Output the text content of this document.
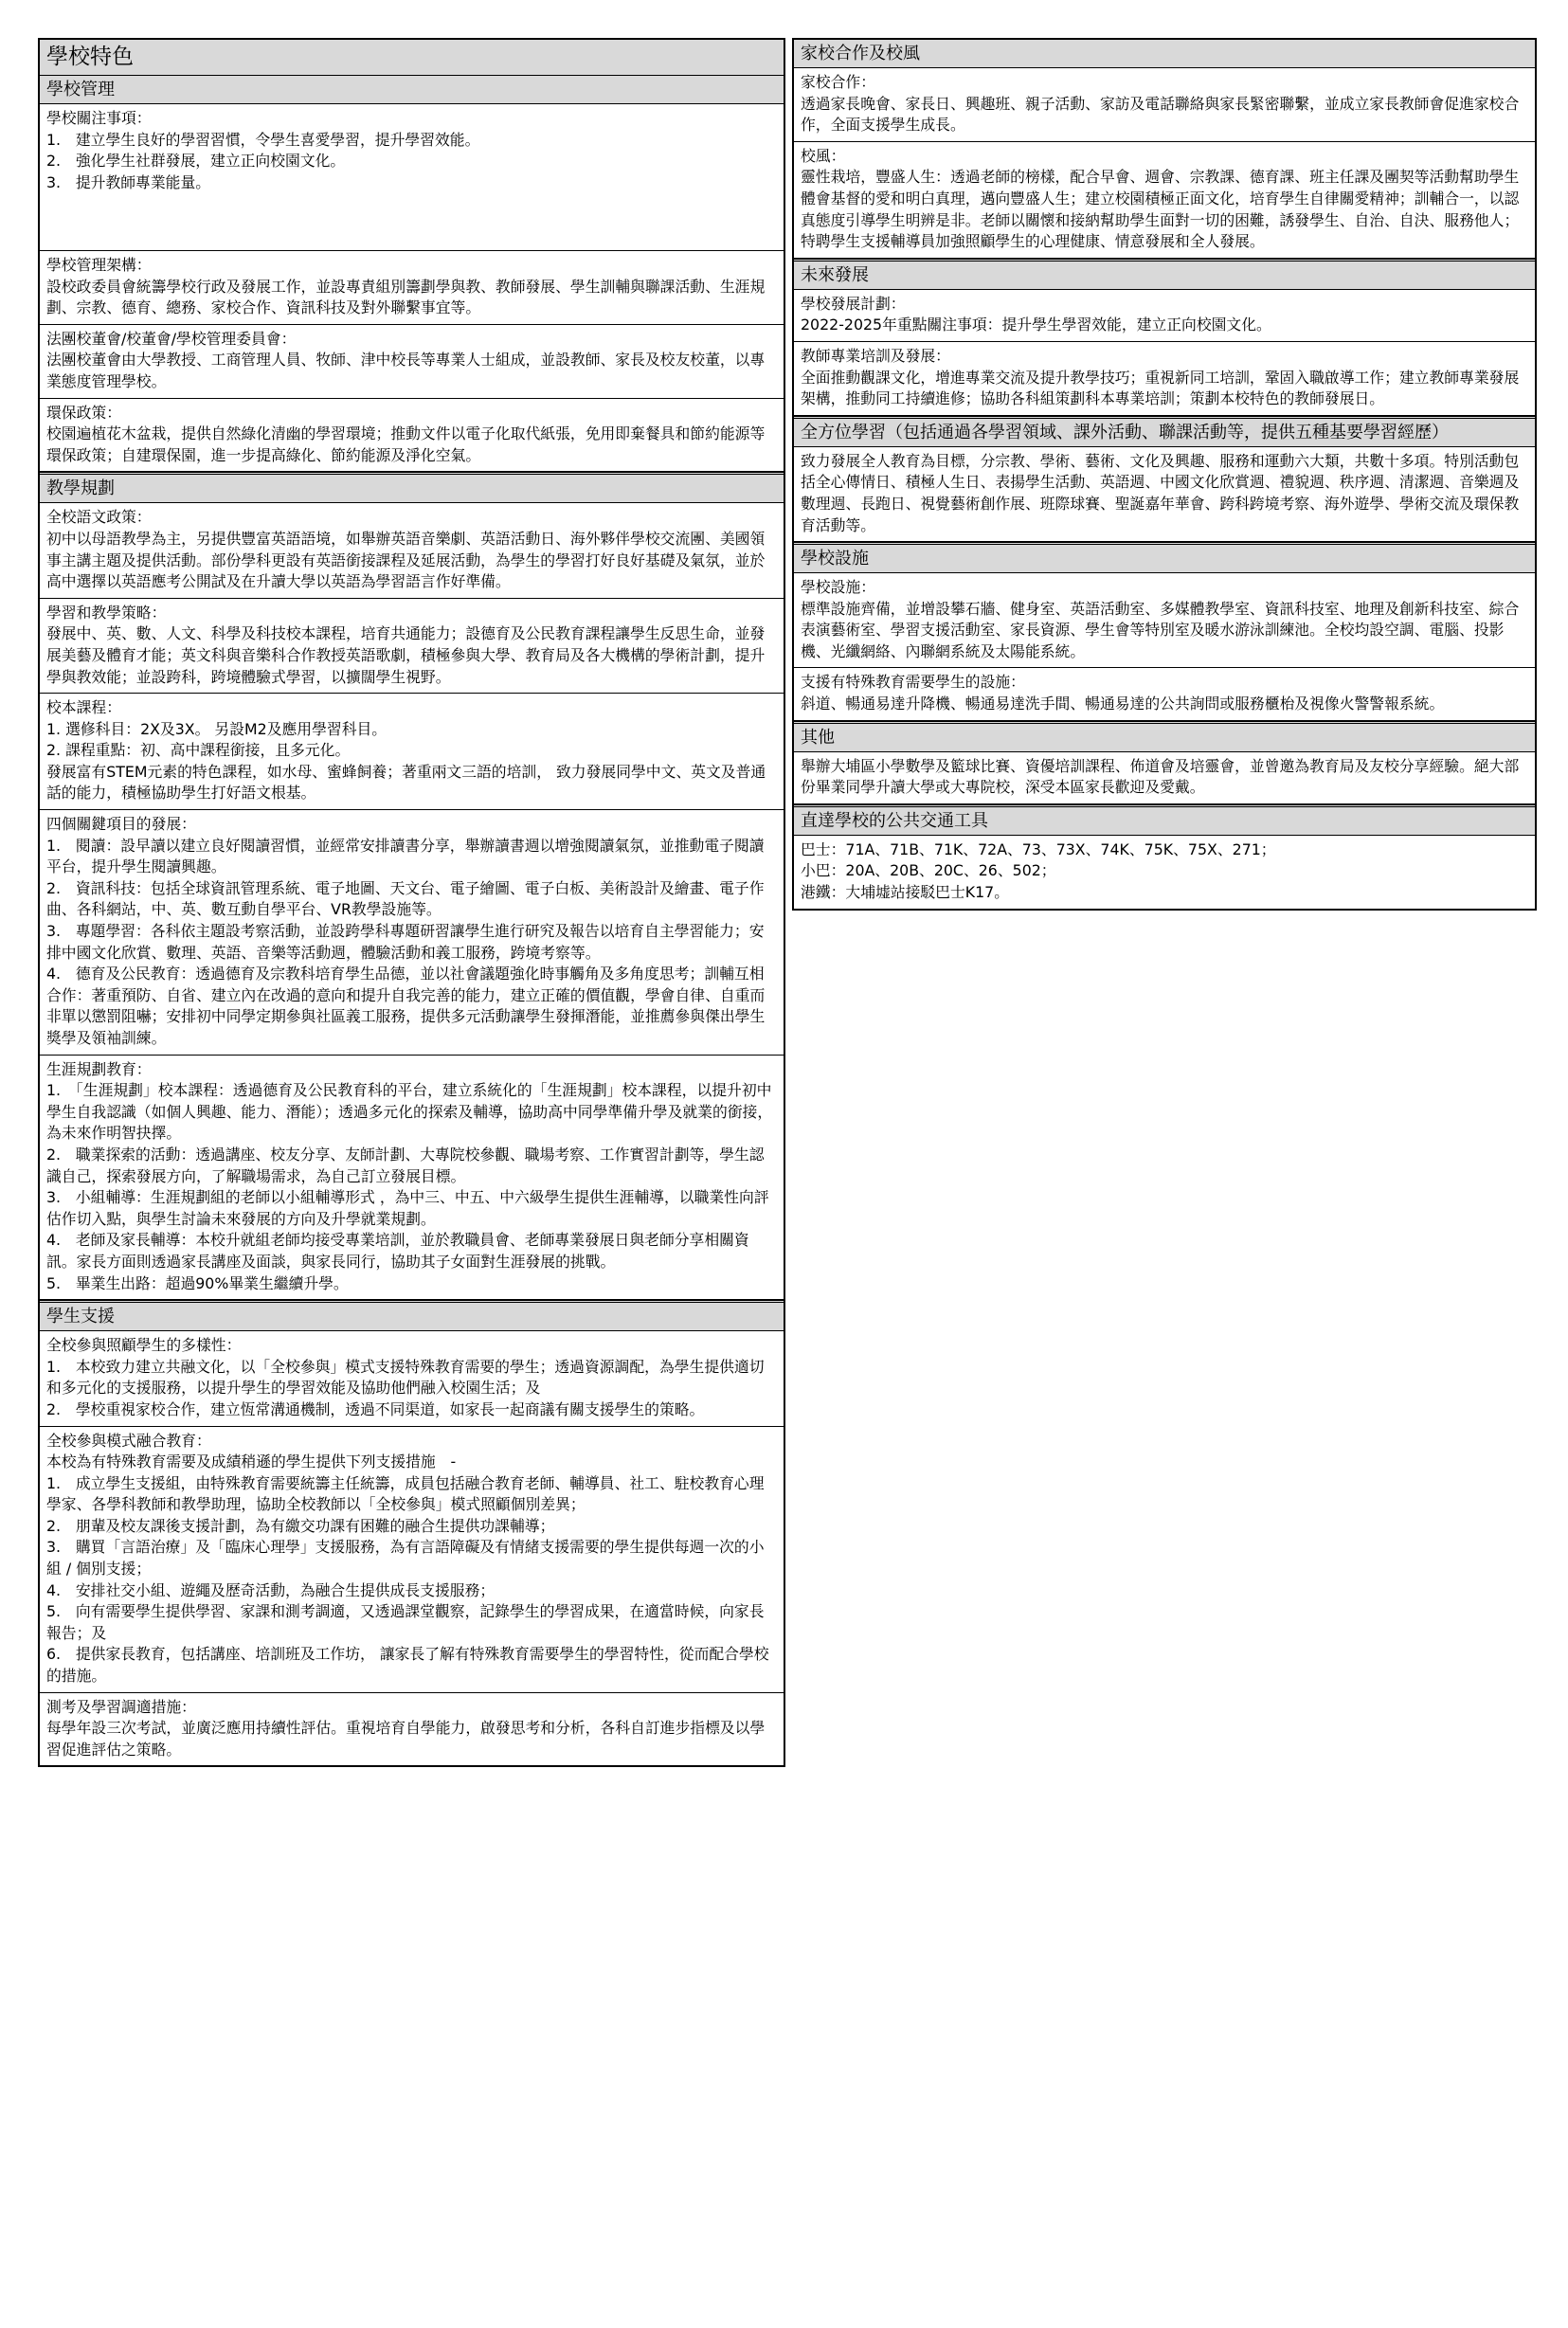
學校特色
學校管理
學校關注事項：
1.　建立學生良好的學習習慣，令學生喜愛學習，提升學習效能。
2.　強化學生社群發展，建立正向校園文化。
3.　提升教師專業能量。
學校管理架構：
設校政委員會統籌學校行政及發展工作，並設專責組別籌劃學與教、教師發展、學生訓輔與聯課活動、生涯規劃、宗教、德育、總務、家校合作、資訊科技及對外聯繫事宜等。
法團校董會/校董會/學校管理委員會：
法團校董會由大學教授、工商管理人員、牧師、津中校長等專業人士組成，並設教師、家長及校友校董，以專業態度管理學校。
環保政策：
校園遍植花木盆栽，提供自然綠化清幽的學習環境；推動文件以電子化取代紙張，免用即棄餐具和節約能源等環保政策；自建環保園，進一步提高綠化、節約能源及淨化空氣。
教學規劃
全校語文政策：
初中以母語教學為主，另提供豐富英語語境，如舉辦英語音樂劇、英語活動日、海外夥伴學校交流團、美國領事主講主題及提供活動。部份學科更設有英語銜接課程及延展活動，為學生的學習打好良好基礎及氣氛，並於高中選擇以英語應考公開試及在升讀大學以英語為學習語言作好準備。
學習和教學策略：
發展中、英、數、人文、科學及科技校本課程，培育共通能力；設德育及公民教育課程讓學生反思生命，並發展美藝及體育才能；英文科與音樂科合作教授英語歌劇，積極參與大學、教育局及各大機構的學術計劃，提升學與教效能；並設跨科，跨境體驗式學習，以擴闊學生視野。
校本課程：
1. 選修科目：2X及3X。 另設M2及應用學習科目。
2. 課程重點：初、高中課程銜接，且多元化。
發展富有STEM元素的特色課程，如水母、蜜蜂飼養；著重兩文三語的培訓， 致力發展同學中文、英文及普通話的能力，積極協助學生打好語文根基。
四個關鍵項目的發展：
1.　閱讀：設早讀以建立良好閱讀習慣，並經常安排讀書分享，舉辦讀書週以增強閱讀氣氛，並推動電子閱讀平台，提升學生閱讀興趣。
2.　資訊科技：包括全球資訊管理系統、電子地圖、天文台、電子繪圖、電子白板、美術設計及繪畫、電子作曲、各科網站，中、英、數互動自學平台、VR教學設施等。
3.　專題學習：各科依主題設考察活動，並設跨學科專題研習讓學生進行研究及報告以培育自主學習能力；安排中國文化欣賞、數理、英語、音樂等活動週，體驗活動和義工服務，跨境考察等。
4.　德育及公民教育：透過德育及宗教科培育學生品德，並以社會議題強化時事觸角及多角度思考；訓輔互相合作：著重預防、自省、建立內在改過的意向和提升自我完善的能力，建立正確的價值觀，學會自律、自重而非單以懲罰阻嚇；安排初中同學定期參與社區義工服務，提供多元活動讓學生發揮潛能，並推薦參與傑出學生獎學及領袖訓練。
生涯規劃教育：
1.　「生涯規劃」校本課程：透過德育及公民教育科的平台，建立系統化的「生涯規劃」校本課程，以提升初中學生自我認識（如個人興趣、能力、潛能）；透過多元化的探索及輔導，協助高中同學準備升學及就業的銜接，為未來作明智抉擇。
2.　職業探索的活動：透過講座、校友分享、友師計劃、大專院校參觀、職場考察、工作實習計劃等，學生認識自己，探索發展方向，了解職場需求，為自己訂立發展目標。
3.　小組輔導：生涯規劃組的老師以小組輔導形式 ，為中三、中五、中六級學生提供生涯輔導，以職業性向評估作切入點，與學生討論未來發展的方向及升學就業規劃。
4.　老師及家長輔導：本校升就組老師均接受專業培訓，並於教職員會、老師專業發展日與老師分享相關資訊。家長方面則透過家長講座及面談，與家長同行，協助其子女面對生涯發展的挑戰。
5.　畢業生出路：超過90%畢業生繼續升學。
學生支援
全校參與照顧學生的多樣性：
1.　本校致力建立共融文化，以「全校參與」模式支援特殊教育需要的學生；透過資源調配，為學生提供適切和多元化的支援服務，以提升學生的學習效能及協助他們融入校園生活；及
2.　學校重視家校合作，建立恆常溝通機制，透過不同渠道，如家長一起商議有關支援學生的策略。
全校參與模式融合教育：
本校為有特殊教育需要及成績稍遜的學生提供下列支援措施　-
1.　成立學生支援組，由特殊教育需要統籌主任統籌，成員包括融合教育老師、輔導員、社工、駐校教育心理學家、各學科教師和教學助理，協助全校教師以「全校參與」模式照顧個別差異；
2.　朋輩及校友課後支援計劃，為有繳交功課有困難的融合生提供功課輔導；
3.　購買「言語治療」及「臨床心理學」支援服務，為有言語障礙及有情緒支援需要的學生提供每週一次的小組 / 個別支援；
4.　安排社交小組、遊繩及歷奇活動，為融合生提供成長支援服務；
5.　向有需要學生提供學習、家課和測考調適，又透過課堂觀察，記錄學生的學習成果，在適當時候，向家長報告；及
6.　提供家長教育，包括講座、培訓班及工作坊， 讓家長了解有特殊教育需要學生的學習特性，從而配合學校的措施。
測考及學習調適措施：
每學年設三次考試，並廣泛應用持續性評估。重視培育自學能力，啟發思考和分析，各科自訂進步指標及以學習促進評估之策略。
家校合作及校風
家校合作：
透過家長晚會、家長日、興趣班、親子活動、家訪及電話聯絡與家長緊密聯繫，並成立家長教師會促進家校合作，全面支援學生成長。
校風：
靈性栽培，豐盛人生：透過老師的榜樣，配合早會、週會、宗教課、德育課、班主任課及團契等活動幫助學生體會基督的愛和明白真理，邁向豐盛人生；建立校園積極正面文化，培育學生自律關愛精神；訓輔合一，以認真態度引導學生明辨是非。老師以關懷和接納幫助學生面對一切的困難，誘發學生、自治、自決、服務他人；特聘學生支援輔導員加強照顧學生的心理健康、情意發展和全人發展。
未來發展
學校發展計劃：
2022-2025年重點關注事項：提升學生學習效能，建立正向校園文化。
教師專業培訓及發展：
全面推動觀課文化，增進專業交流及提升教學技巧；重視新同工培訓，鞏固入職啟導工作；建立教師專業發展架構，推動同工持續進修；協助各科組策劃科本專業培訓；策劃本校特色的教師發展日。
全方位學習（包括通過各學習領域、課外活動、聯課活動等，提供五種基要學習經歷）
致力發展全人教育為目標，分宗教、學術、藝術、文化及興趣、服務和運動六大類，共數十多項。特別活動包括全心傳情日、積極人生日、表揚學生活動、英語週、中國文化欣賞週、禮貌週、秩序週、清潔週、音樂週及數理週、長跑日、視覺藝術創作展、班際球賽、聖誕嘉年華會、跨科跨境考察、海外遊學、學術交流及環保教育活動等。
學校設施
學校設施：
標準設施齊備，並增設攀石牆、健身室、英語活動室、多媒體教學室、資訊科技室、地理及創新科技室、綜合表演藝術室、學習支援活動室、家長資源、學生會等特別室及暖水游泳訓練池。全校均設空調、電腦、投影機、光纖網絡、內聯網系統及太陽能系統。
支援有特殊教育需要學生的設施：
斜道、暢通易達升降機、暢通易達洗手間、暢通易達的公共詢問或服務櫃枱及視像火警警報系統。
其他
舉辦大埔區小學數學及籃球比賽、資優培訓課程、佈道會及培靈會，並曾邀為教育局及友校分享經驗。絕大部份畢業同學升讀大學或大專院校，深受本區家長歡迎及愛戴。
直達學校的公共交通工具
巴士：71A、71B、71K、72A、73、73X、74K、75K、75X、271；
小巴：20A、20B、20C、26、502；
港鐵：大埔墟站接駁巴士K17。
